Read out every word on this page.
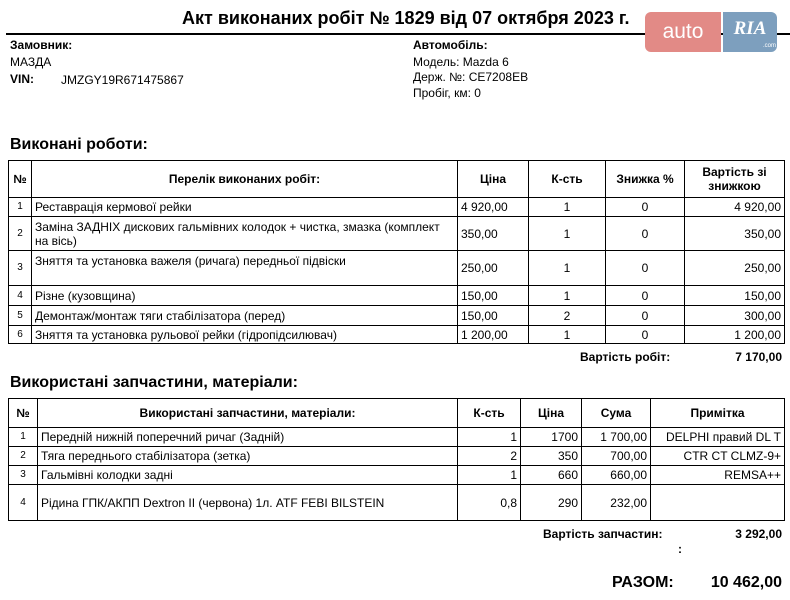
Акт виконаних робіт № 1829 від 07 октября 2023 г.
auto	RIA
.com
Замовник:
МАЗДА
VIN: JMZGY19R671475867
Автомобіль:
Модель: Mazda 6
Держ. №: СЕ7208ЕВ
Пробіг, км: 0
Виконані роботи:
№	Перелік виконаних робіт:	Ціна	К-сть	Знижка %	Вартість зі знижкою
1	Реставрація кермової рейки	4 920,00	1	0	4 920,00
2	Заміна ЗАДНІХ дискових гальмівних колодок + чистка, змазка (комплект на вісь)	350,00	1	0	350,00
3	Зняття та установка важеля (ричага) передньої підвіски	250,00	1	0	250,00
4	Різне (кузовщина)	150,00	1	0	150,00
5	Демонтаж/монтаж тяги стабілізатора (перед)	150,00	2	0	300,00
6	Зняття та установка рульової рейки (гідропідсилювач)	1 200,00	1	0	1 200,00
Вартість робіт:	7 170,00
Використані запчастини, матеріали:
№	Використані запчастини, матеріали:	К-сть	Ціна	Сума	Примітка
1	Передній нижній поперечний ричаг (Задній)	1	1700	1 700,00	DELPHI правий DL T
2	Тяга переднього стабілізатора (зетка)	2	350	700,00	CTR CT CLMZ-9+
3	Гальмівні колодки задні	1	660	660,00	REMSA++
4	Рідина ГПК/АКПП Dextron II (червона) 1л. ATF FEBI BILSTEIN	0,8	290	232,00	
Вартість запчастин:
:
3 292,00
РАЗОМ:	10 462,00
